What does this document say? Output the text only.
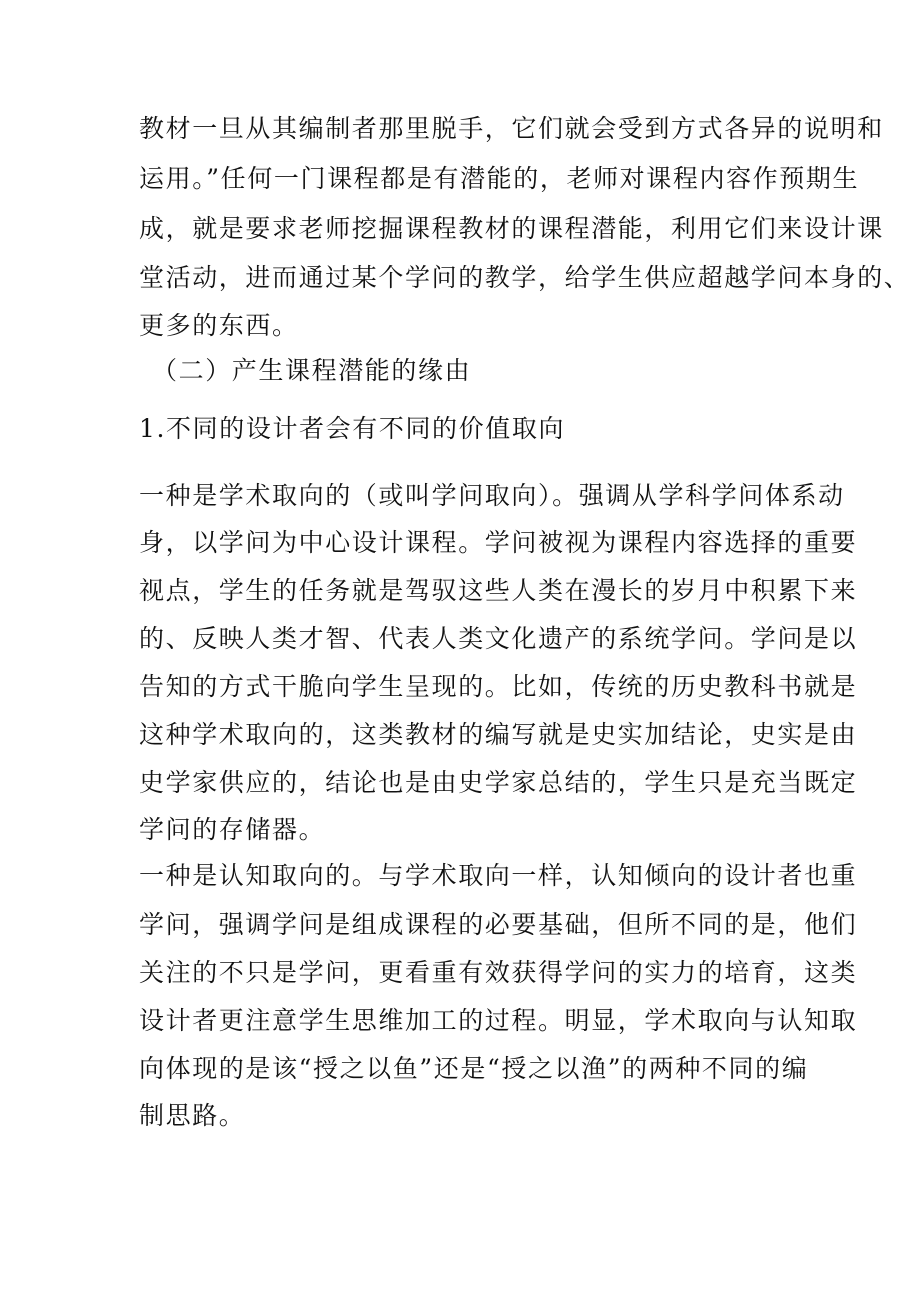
教材一旦从其编制者那里脱手，它们就会受到方式各异的说明和
运用。”任何一门课程都是有潜能的，老师对课程内容作预期生
成，就是要求老师挖掘课程教材的课程潜能，利用它们来设计课
堂活动，进而通过某个学问的教学，给学生供应超越学问本身的、
更多的东西。
（二）产生课程潜能的缘由
1.不同的设计者会有不同的价值取向
一种是学术取向的（或叫学问取向）。强调从学科学问体系动
身，以学问为中心设计课程。学问被视为课程内容选择的重要
视点，学生的任务就是驾驭这些人类在漫长的岁月中积累下来
的、反映人类才智、代表人类文化遗产的系统学问。学问是以
告知的方式干脆向学生呈现的。比如，传统的历史教科书就是
这种学术取向的，这类教材的编写就是史实加结论，史实是由
史学家供应的，结论也是由史学家总结的，学生只是充当既定
学问的存储器。
一种是认知取向的。与学术取向一样，认知倾向的设计者也重
学问，强调学问是组成课程的必要基础，但所不同的是，他们
关注的不只是学问，更看重有效获得学问的实力的培育，这类
设计者更注意学生思维加工的过程。明显，学术取向与认知取
向体现的是该“授之以鱼”还是“授之以渔”的两种不同的编
制思路。
